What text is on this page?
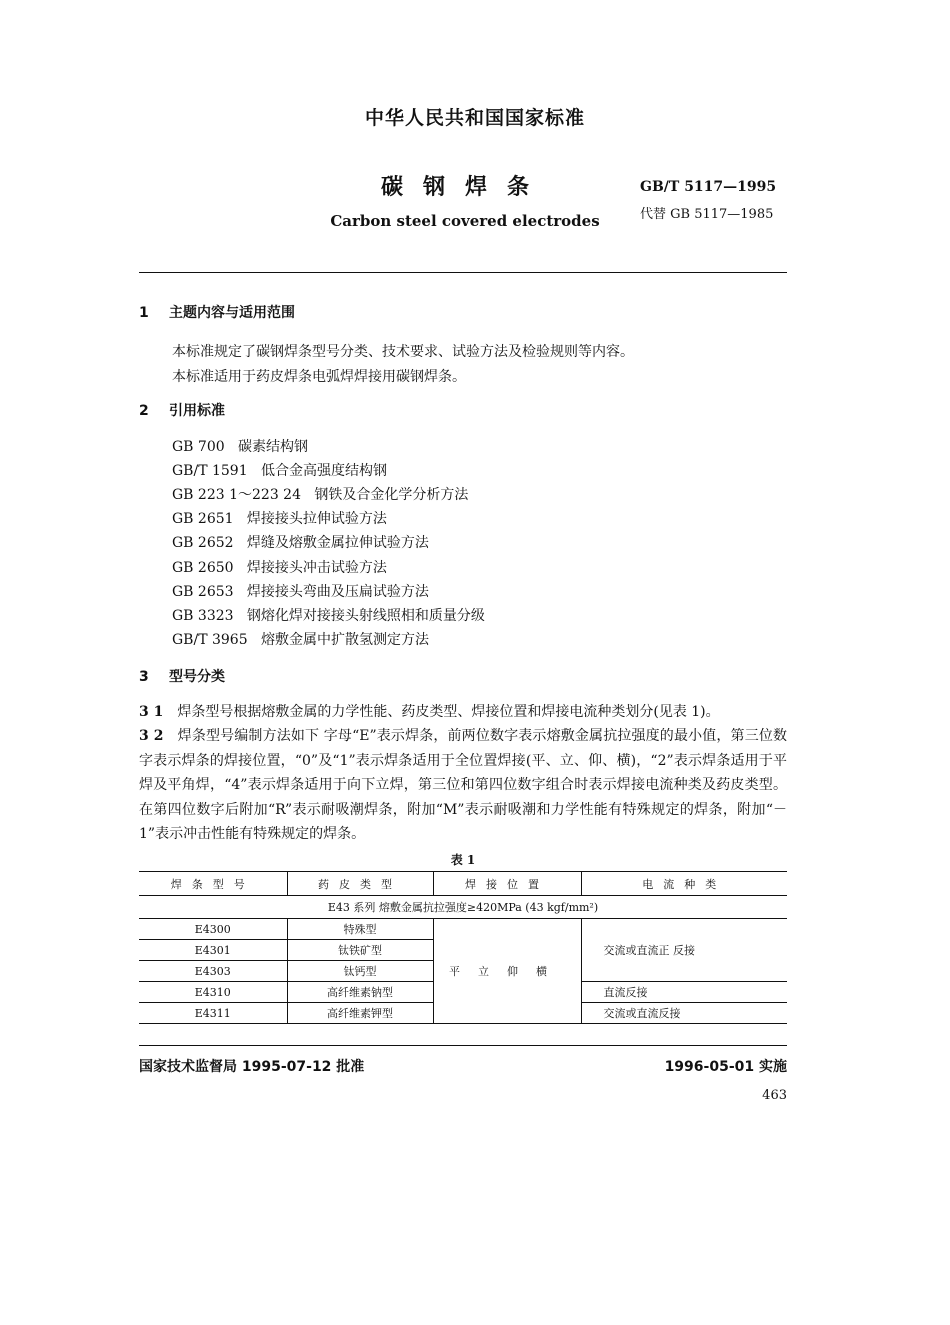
中华人民共和国国家标准
碳钢焊条
Carbon steel covered electrodes
GB/T 5117—1995
代替 GB 5117—1985
1 主题内容与适用范围
本标准规定了碳钢焊条型号分类、技术要求、试验方法及检验规则等内容。
本标准适用于药皮焊条电弧焊焊接用碳钢焊条。
2 引用标准
GB 700 碳素结构钢
GB/T 1591 低合金高强度结构钢
GB 223 1～223 24 钢铁及合金化学分析方法
GB 2651 焊接接头拉伸试验方法
GB 2652 焊缝及熔敷金属拉伸试验方法
GB 2650 焊接接头冲击试验方法
GB 2653 焊接接头弯曲及压扁试验方法
GB 3323 钢熔化焊对接接头射线照相和质量分级
GB/T 3965 熔敷金属中扩散氢测定方法
3 型号分类
3 1 焊条型号根据熔敷金属的力学性能、药皮类型、焊接位置和焊接电流种类划分(见表 1)。
3 2 焊条型号编制方法如下 字母“E”表示焊条，前两位数字表示熔敷金属抗拉强度的最小值，第三位数字表示焊条的焊接位置，“0”及“1”表示焊条适用于全位置焊接(平、立、仰、横)，“2”表示焊条适用于平焊及平角焊，“4”表示焊条适用于向下立焊，第三位和第四位数字组合时表示焊接电流种类及药皮类型。在第四位数字后附加“R”表示耐吸潮焊条，附加“M”表示耐吸潮和力学性能有特殊规定的焊条，附加“－1”表示冲击性能有特殊规定的焊条。
表 1
焊条型号	药皮类型	焊接位置	电流种类
E43 系列 熔敷金属抗拉强度≥420MPa (43 kgf/mm²)			
E4300	特殊型	平立仰横	交流或直流正 反接
E4301	钛铁矿型		
E4303	钛钙型		
E4310	高纤维素钠型		直流反接
E4311	高纤维素钾型		交流或直流反接
国家技术监督局 1995-07-12 批准	1996-05-01 实施
463
